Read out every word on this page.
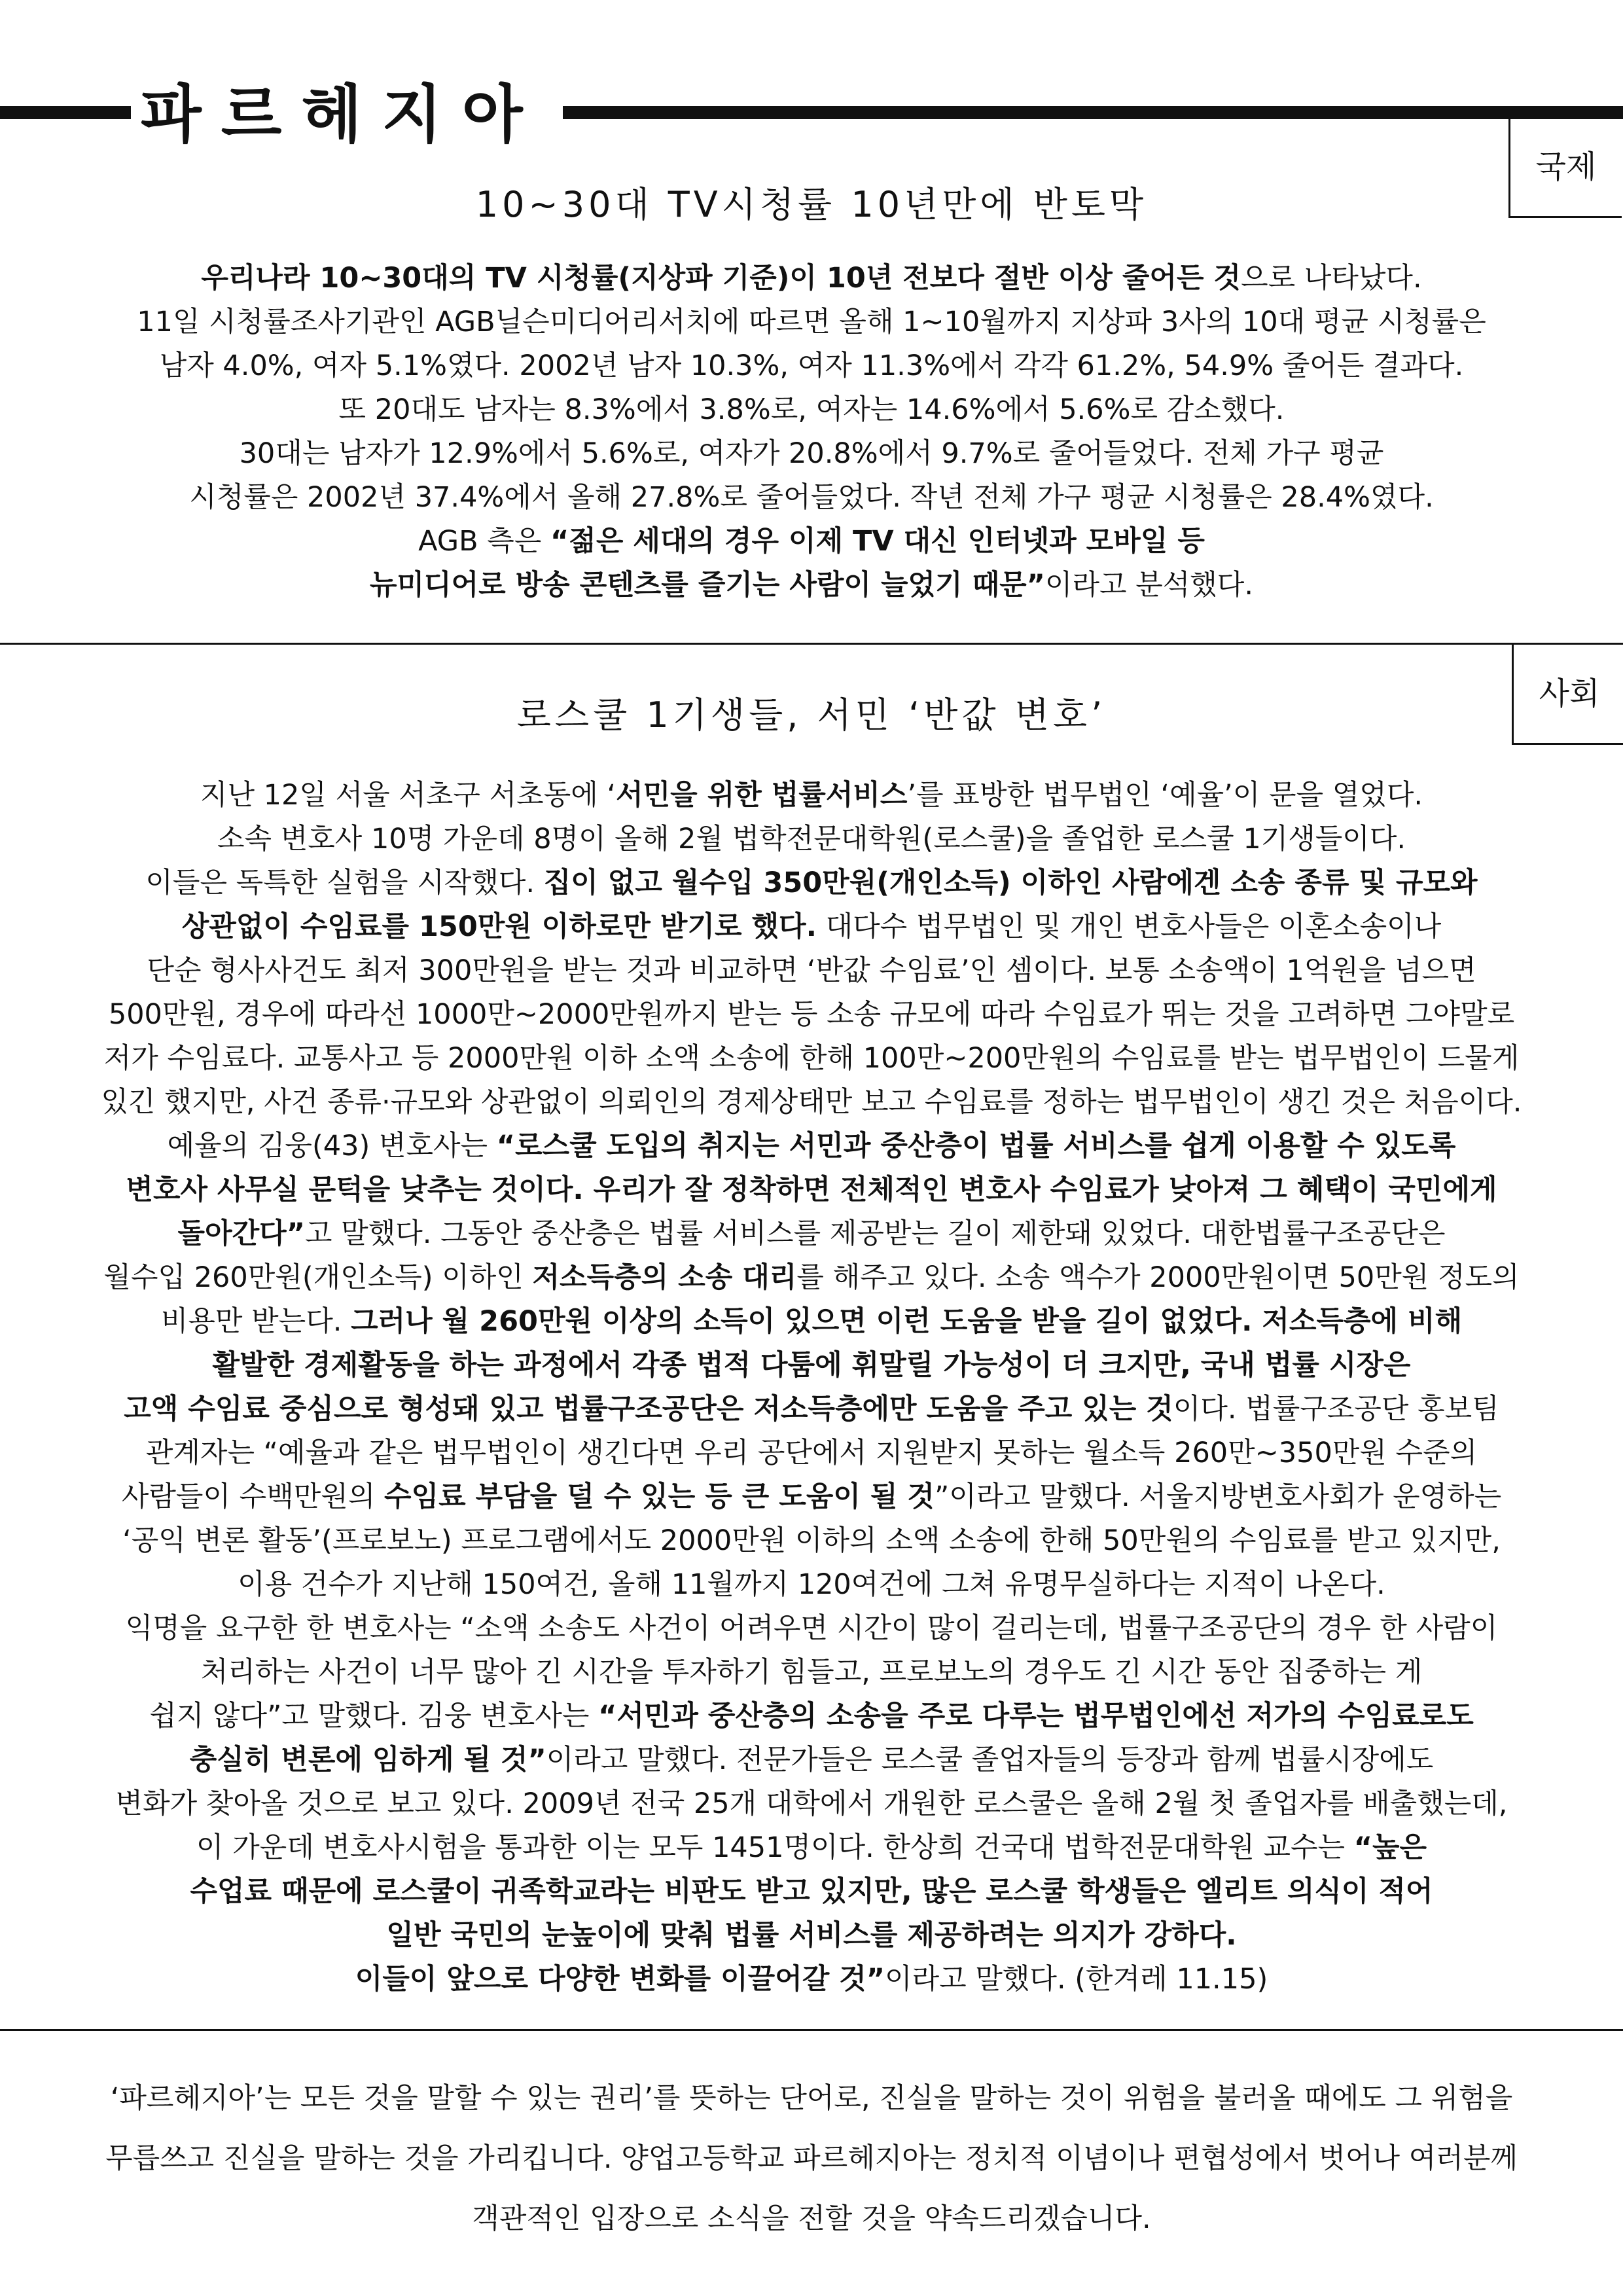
파르헤지아
국제
10~30대 TV시청률 10년만에 반토막

우리나라 10~30대의 TV 시청률(지상파 기준)이 10년 전보다 절반 이상 줄어든 것으로 나타났다.

11일 시청률조사기관인 AGB닐슨미디어리서치에 따르면 올해 1~10월까지 지상파 3사의 10대 평균 시청률은

남자 4.0%, 여자 5.1%였다. 2002년 남자 10.3%, 여자 11.3%에서 각각 61.2%, 54.9% 줄어든 결과다.

또 20대도 남자는 8.3%에서 3.8%로, 여자는 14.6%에서 5.6%로 감소했다.

30대는 남자가 12.9%에서 5.6%로, 여자가 20.8%에서 9.7%로 줄어들었다. 전체 가구 평균

시청률은 2002년 37.4%에서 올해 27.8%로 줄어들었다. 작년 전체 가구 평균 시청률은 28.4%였다.

AGB 측은 “젊은 세대의 경우 이제 TV 대신 인터넷과 모바일 등

뉴미디어로 방송 콘텐츠를 즐기는 사람이 늘었기 때문”이라고 분석했다.

사회
로스쿨 1기생들, 서민 ‘반값 변호’

지난 12일 서울 서초구 서초동에 ‘서민을 위한 법률서비스’를 표방한 법무법인 ‘예율’이 문을 열었다.

소속 변호사 10명 가운데 8명이 올해 2월 법학전문대학원(로스쿨)을 졸업한 로스쿨 1기생들이다.

이들은 독특한 실험을 시작했다. 집이 없고 월수입 350만원(개인소득) 이하인 사람에겐 소송 종류 및 규모와

상관없이 수임료를 150만원 이하로만 받기로 했다. 대다수 법무법인 및 개인 변호사들은 이혼소송이나

단순 형사사건도 최저 300만원을 받는 것과 비교하면 ‘반값 수임료’인 셈이다. 보통 소송액이 1억원을 넘으면

500만원, 경우에 따라선 1000만~2000만원까지 받는 등 소송 규모에 따라 수임료가 뛰는 것을 고려하면 그야말로

저가 수임료다. 교통사고 등 2000만원 이하 소액 소송에 한해 100만~200만원의 수임료를 받는 법무법인이 드물게

있긴 했지만, 사건 종류·규모와 상관없이 의뢰인의 경제상태만 보고 수임료를 정하는 법무법인이 생긴 것은 처음이다.

예율의 김웅(43) 변호사는 “로스쿨 도입의 취지는 서민과 중산층이 법률 서비스를 쉽게 이용할 수 있도록

변호사 사무실 문턱을 낮추는 것이다. 우리가 잘 정착하면 전체적인 변호사 수임료가 낮아져 그 혜택이 국민에게

돌아간다”고 말했다. 그동안 중산층은 법률 서비스를 제공받는 길이 제한돼 있었다. 대한법률구조공단은

월수입 260만원(개인소득) 이하인 저소득층의 소송 대리를 해주고 있다. 소송 액수가 2000만원이면 50만원 정도의

비용만 받는다. 그러나 월 260만원 이상의 소득이 있으면 이런 도움을 받을 길이 없었다. 저소득층에 비해

활발한 경제활동을 하는 과정에서 각종 법적 다툼에 휘말릴 가능성이 더 크지만, 국내 법률 시장은

고액 수임료 중심으로 형성돼 있고 법률구조공단은 저소득층에만 도움을 주고 있는 것이다. 법률구조공단 홍보팀

관계자는 “예율과 같은 법무법인이 생긴다면 우리 공단에서 지원받지 못하는 월소득 260만~350만원 수준의

사람들이 수백만원의 수임료 부담을 덜 수 있는 등 큰 도움이 될 것”이라고 말했다. 서울지방변호사회가 운영하는

‘공익 변론 활동’(프로보노) 프로그램에서도 2000만원 이하의 소액 소송에 한해 50만원의 수임료를 받고 있지만,

이용 건수가 지난해 150여건, 올해 11월까지 120여건에 그쳐 유명무실하다는 지적이 나온다.

익명을 요구한 한 변호사는 “소액 소송도 사건이 어려우면 시간이 많이 걸리는데, 법률구조공단의 경우 한 사람이

처리하는 사건이 너무 많아 긴 시간을 투자하기 힘들고, 프로보노의 경우도 긴 시간 동안 집중하는 게

쉽지 않다”고 말했다. 김웅 변호사는 “서민과 중산층의 소송을 주로 다루는 법무법인에선 저가의 수임료로도

충실히 변론에 임하게 될 것”이라고 말했다. 전문가들은 로스쿨 졸업자들의 등장과 함께 법률시장에도

변화가 찾아올 것으로 보고 있다. 2009년 전국 25개 대학에서 개원한 로스쿨은 올해 2월 첫 졸업자를 배출했는데,

이 가운데 변호사시험을 통과한 이는 모두 1451명이다. 한상희 건국대 법학전문대학원 교수는 “높은

수업료 때문에 로스쿨이 귀족학교라는 비판도 받고 있지만, 많은 로스쿨 학생들은 엘리트 의식이 적어

일반 국민의 눈높이에 맞춰 법률 서비스를 제공하려는 의지가 강하다.

이들이 앞으로 다양한 변화를 이끌어갈 것”이라고 말했다. (한겨레 11.15)

‘파르헤지아’는 모든 것을 말할 수 있는 권리’를 뜻하는 단어로, 진실을 말하는 것이 위험을 불러올 때에도 그 위험을
무릅쓰고 진실을 말하는 것을 가리킵니다. 양업고등학교 파르헤지아는 정치적 이념이나 편협성에서 벗어나 여러분께
객관적인 입장으로 소식을 전할 것을 약속드리겠습니다.
